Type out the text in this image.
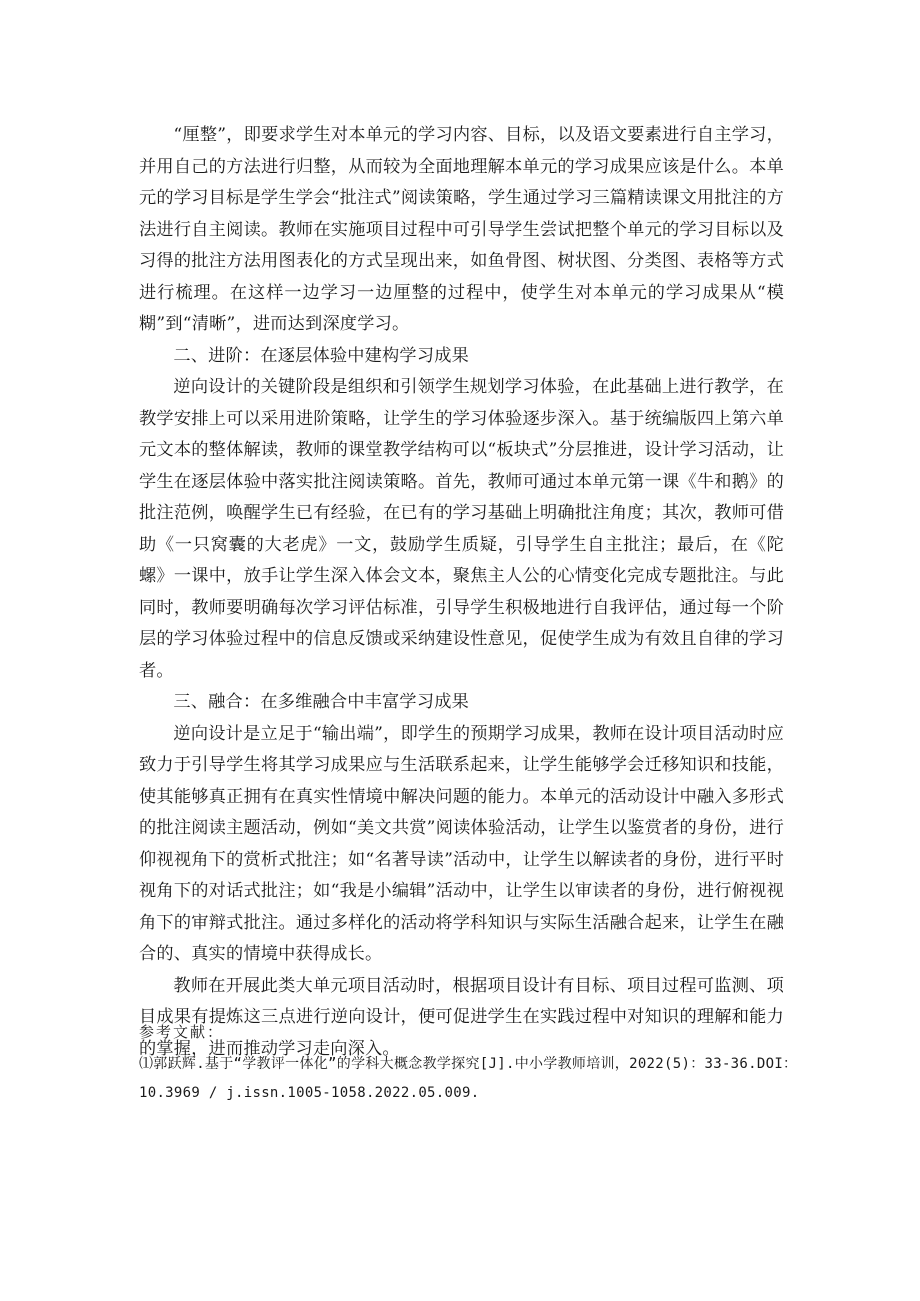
“厘整”，即要求学生对本单元的学习内容、目标，以及语文要素进行自主学习，并用自己的方法进行归整，从而较为全面地理解本单元的学习成果应该是什么。本单元的学习目标是学生学会“批注式”阅读策略，学生通过学习三篇精读课文用批注的方法进行自主阅读。教师在实施项目过程中可引导学生尝试把整个单元的学习目标以及习得的批注方法用图表化的方式呈现出来，如鱼骨图、树状图、分类图、表格等方式进行梳理。在这样一边学习一边厘整的过程中，使学生对本单元的学习成果从“模糊”到“清晰”，进而达到深度学习。

二、进阶：在逐层体验中建构学习成果

逆向设计的关键阶段是组织和引领学生规划学习体验，在此基础上进行教学，在教学安排上可以采用进阶策略，让学生的学习体验逐步深入。基于统编版四上第六单元文本的整体解读，教师的课堂教学结构可以“板块式”分层推进，设计学习活动，让学生在逐层体验中落实批注阅读策略。首先，教师可通过本单元第一课《牛和鹅》的批注范例，唤醒学生已有经验，在已有的学习基础上明确批注角度；其次，教师可借助《一只窝囊的大老虎》一文，鼓励学生质疑，引导学生自主批注；最后，在《陀螺》一课中，放手让学生深入体会文本，聚焦主人公的心情变化完成专题批注。与此同时，教师要明确每次学习评估标准，引导学生积极地进行自我评估，通过每一个阶层的学习体验过程中的信息反馈或采纳建设性意见，促使学生成为有效且自律的学习者。

三、融合：在多维融合中丰富学习成果

逆向设计是立足于“输出端”，即学生的预期学习成果，教师在设计项目活动时应致力于引导学生将其学习成果应与生活联系起来，让学生能够学会迁移知识和技能，使其能够真正拥有在真实性情境中解决问题的能力。本单元的活动设计中融入多形式的批注阅读主题活动，例如“美文共赏”阅读体验活动，让学生以鉴赏者的身份，进行仰视视角下的赏析式批注；如“名著导读”活动中，让学生以解读者的身份，进行平时视角下的对话式批注；如“我是小编辑”活动中，让学生以审读者的身份，进行俯视视角下的审辩式批注。通过多样化的活动将学科知识与实际生活融合起来，让学生在融合的、真实的情境中获得成长。

教师在开展此类大单元项目活动时，根据项目设计有目标、项目过程可监测、项目成果有提炼这三点进行逆向设计，便可促进学生在实践过程中对知识的理解和能力的掌握，进而推动学习走向深入。

参考文献：

⑴郭跃辉.基于“学教评一体化”的学科大概念教学探究[J].中小学教师培训，2022(5)：33-36.DOI：10.3969 / j.issn.1005-1058.2022.05.009.
